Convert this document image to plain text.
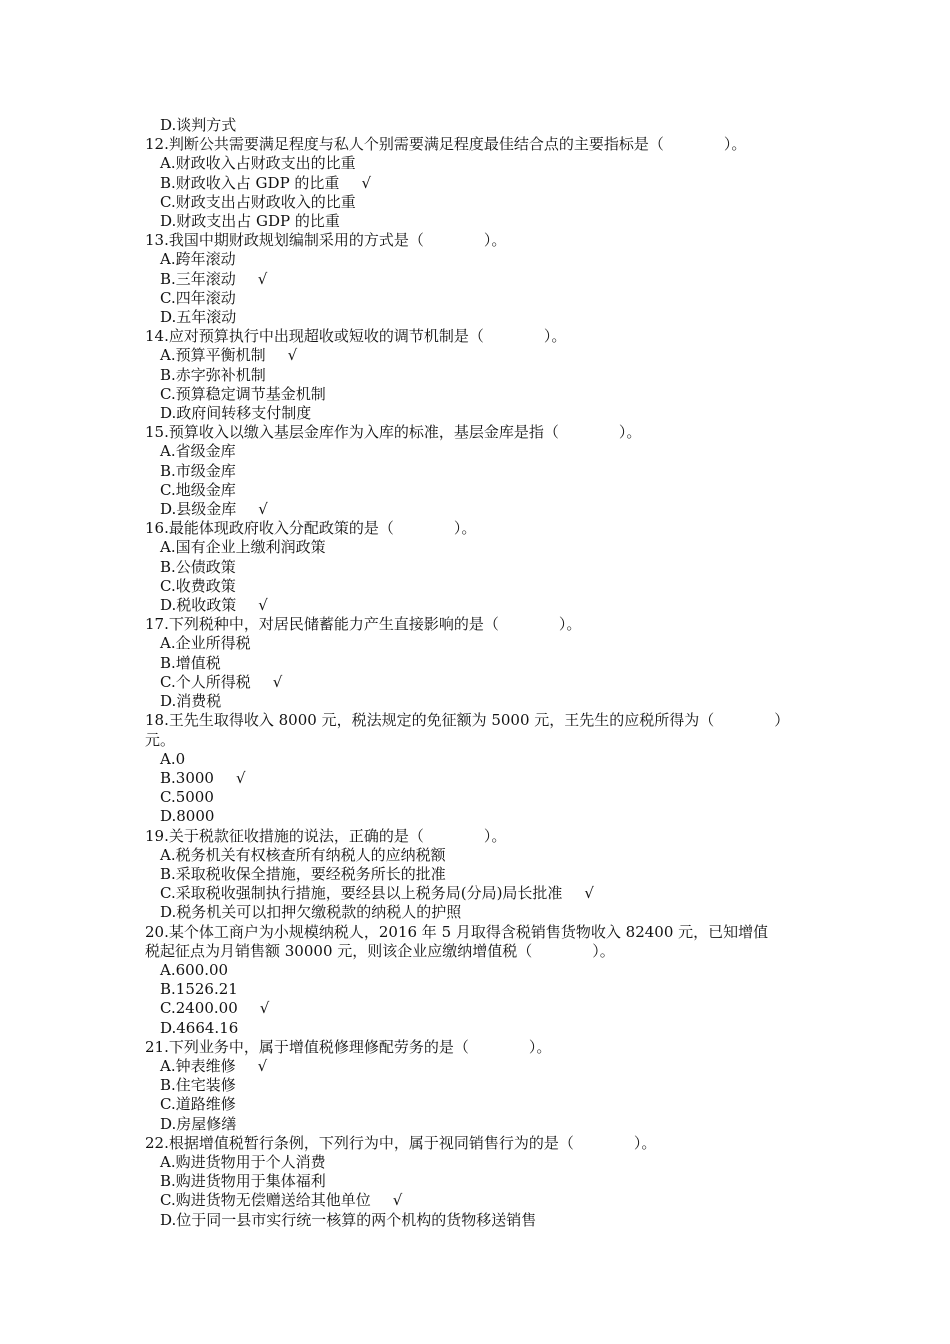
D.谈判方式
12.判断公共需要满足程度与私人个别需要满足程度最佳结合点的主要指标是（　　　　）。
A.财政收入占财政支出的比重
B.财政收入占 GDP 的比重 √
C.财政支出占财政收入的比重
D.财政支出占 GDP 的比重
13.我国中期财政规划编制采用的方式是（　　　　）。
A.跨年滚动
B.三年滚动 √
C.四年滚动
D.五年滚动
14.应对预算执行中出现超收或短收的调节机制是（　　　　）。
A.预算平衡机制 √
B.赤字弥补机制
C.预算稳定调节基金机制
D.政府间转移支付制度
15.预算收入以缴入基层金库作为入库的标准，基层金库是指（　　　　）。
A.省级金库
B.市级金库
C.地级金库
D.县级金库 √
16.最能体现政府收入分配政策的是（　　　　）。
A.国有企业上缴利润政策
B.公债政策
C.收费政策
D.税收政策 √
17.下列税种中，对居民储蓄能力产生直接影响的是（　　　　）。
A.企业所得税
B.增值税
C.个人所得税 √
D.消费税
18.王先生取得收入 8000 元，税法规定的免征额为 5000 元，王先生的应税所得为（　　　　）
元。
A.0
B.3000 √
C.5000
D.8000
19.关于税款征收措施的说法，正确的是（　　　　）。
A.税务机关有权核查所有纳税人的应纳税额
B.采取税收保全措施，要经税务所长的批准
C.采取税收强制执行措施，要经县以上税务局(分局)局长批准 √
D.税务机关可以扣押欠缴税款的纳税人的护照
20.某个体工商户为小规模纳税人，2016 年 5 月取得含税销售货物收入 82400 元，已知增值
税起征点为月销售额 30000 元，则该企业应缴纳增值税（　　　　）。
A.600.00
B.1526.21
C.2400.00 √
D.4664.16
21.下列业务中，属于增值税修理修配劳务的是（　　　　）。
A.钟表维修 √
B.住宅装修
C.道路维修
D.房屋修缮
22.根据增值税暂行条例，下列行为中，属于视同销售行为的是（　　　　）。
A.购进货物用于个人消费
B.购进货物用于集体福利
C.购进货物无偿赠送给其他单位 √
D.位于同一县市实行统一核算的两个机构的货物移送销售
